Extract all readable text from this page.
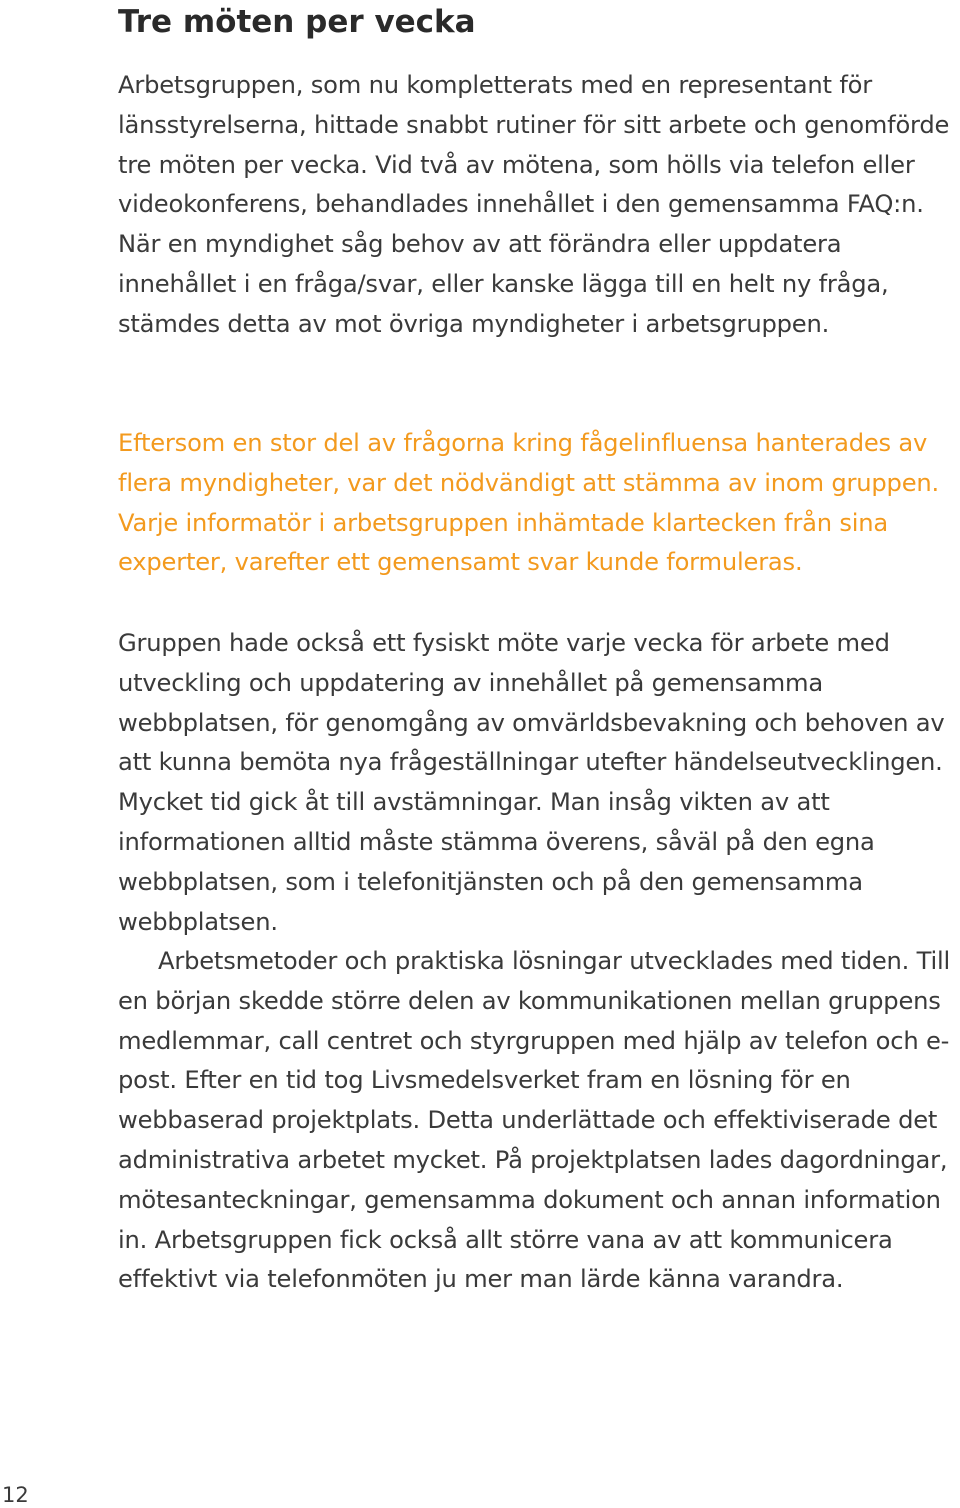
Tre möten per vecka

Arbetsgruppen, som nu kompletterats med en representant för länsstyrelserna, hittade snabbt rutiner för sitt arbete och genomförde tre möten per vecka. Vid två av mötena, som hölls via telefon eller videokonferens, behandlades innehållet i den gemensamma FAQ:n. När en myndighet såg behov av att förändra eller uppdatera innehållet i en fråga/svar, eller kanske lägga till en helt ny fråga, stämdes detta av mot övriga myndigheter i arbetsgruppen.

Eftersom en stor del av frågorna kring fågelinfluensa hanterades av flera myndigheter, var det nödvändigt att stämma av inom gruppen. Varje informatör i arbetsgruppen inhämtade klartecken från sina experter, varefter ett gemensamt svar kunde formuleras.

Gruppen hade också ett fysiskt möte varje vecka för arbete med utveckling och uppdatering av innehållet på gemensamma webbplatsen, för genomgång av omvärldsbevakning och behoven av att kunna bemöta nya frågeställningar utefter händelseutvecklingen. Mycket tid gick åt till avstämningar. Man insåg vikten av att informationen alltid måste stämma överens, såväl på den egna webbplatsen, som i telefonitjänsten och på den gemensamma webbplatsen.

Arbetsmetoder och praktiska lösningar utvecklades med tiden. Till en början skedde större delen av kommunikationen mellan gruppens medlemmar, call centret och styrgruppen med hjälp av telefon och e-post. Efter en tid tog Livsmedelsverket fram en lösning för en webbaserad projektplats. Detta underlättade och effektiviserade det administrativa arbetet mycket. På projektplatsen lades dagordningar, mötesanteckningar, gemensamma dokument och annan information in. Arbetsgruppen fick också allt större vana av att kommunicera effektivt via telefonmöten ju mer man lärde känna varandra.

12
